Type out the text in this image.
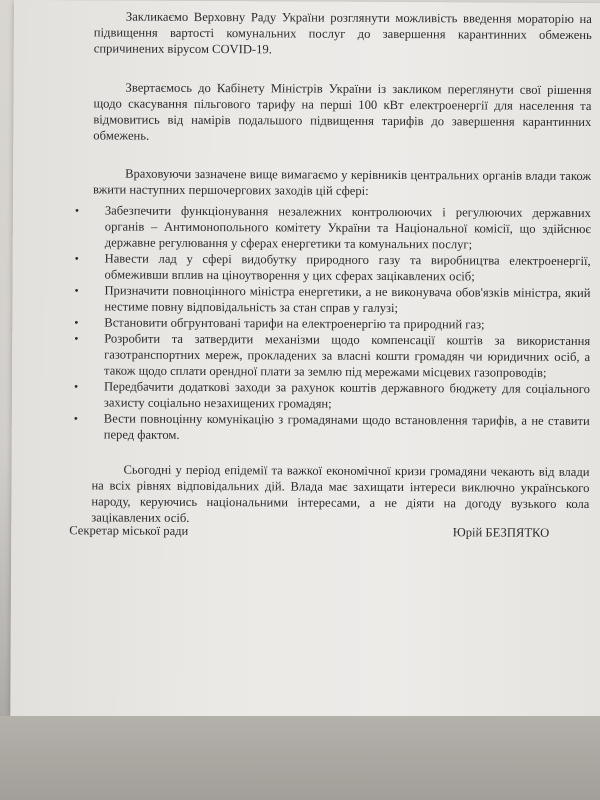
Закликаємо Верховну Раду України розглянути можливість введення мораторію на підвищення вартості комунальних послуг до завершення карантинних обмежень спричинених вірусом COVID-19.

Звертаємось до Кабінету Міністрів України із закликом переглянути свої рішення щодо скасування пільгового тарифу на перші 100 кВт електроенергії для населення та відмовитись від намірів подальшого підвищення тарифів до завершення карантинних обмежень.

Враховуючи зазначене вище вимагаємо у керівників центральних органів влади також вжити наступних першочергових заходів цій сфері:

• Забезпечити функціонування незалежних контролюючих і регулюючих державних органів – Антимонопольного комітету України та Національної комісії, що здійснює державне регулювання у сферах енергетики та комунальних послуг;
• Навести лад у сфері видобутку природного газу та виробництва електроенергії, обмеживши вплив на ціноутворення у цих сферах зацікавлених осіб;
• Призначити повноцінного міністра енергетики, а не виконувача обов'язків міністра, який нестиме повну відповідальність за стан справ у галузі;
• Встановити обгрунтовані тарифи на електроенергію та природний газ;
• Розробити та затвердити механізми щодо компенсації коштів за використання газотранспортних мереж, прокладених за власні кошти громадян чи юридичних осіб, а також щодо сплати орендної плати за землю під мережами місцевих газопроводів;
• Передбачити додаткові заходи за рахунок коштів державного бюджету для соціального захисту соціально незахищених громадян;
• Вести повноцінну комунікацію з громадянами щодо встановлення тарифів, а не ставити перед фактом.

Сьогодні у період епідемії та важкої економічної кризи громадяни чекають від влади на всіх рівнях відповідальних дій. Влада має захищати інтереси виключно українського народу, керуючись національними інтересами, а не діяти на догоду вузького кола зацікавлених осіб.

Секретар міської ради	Юрій БЕЗПЯТКО
